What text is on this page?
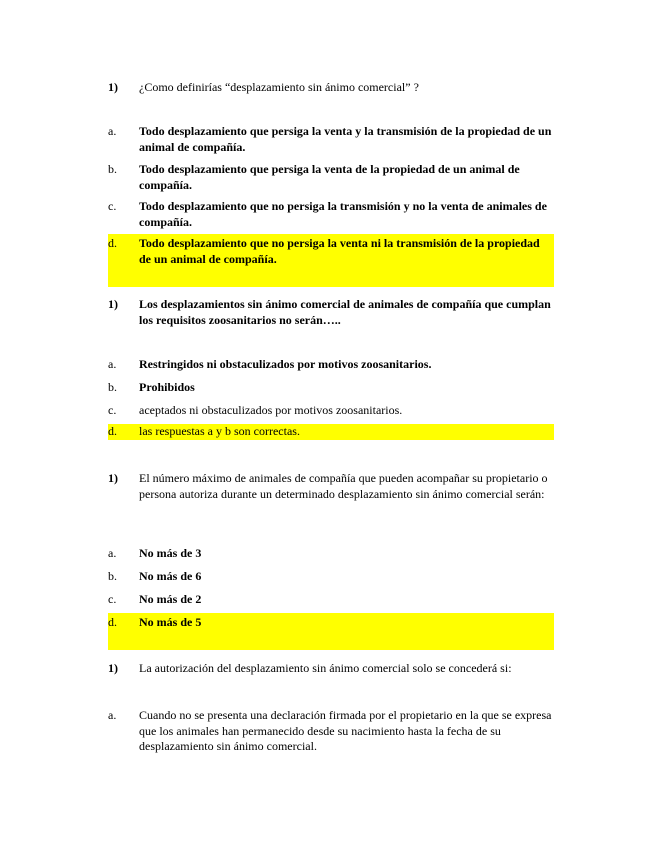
1)	¿Como definirías “desplazamiento sin ánimo comercial” ?
a.	Todo desplazamiento que persiga la venta y la transmisión de la propiedad de un animal de compañía.
b.	Todo desplazamiento que persiga la venta de la propiedad de un animal de compañía.
c.	Todo desplazamiento que no persiga la transmisión y no la venta de animales de compañía.
d.	Todo desplazamiento que no persiga la venta ni la transmisión de la propiedad de un animal de compañía.
1)	Los desplazamientos sin ánimo comercial de animales de compañía que cumplan los requisitos zoosanitarios no serán…..
a.	Restringidos ni obstaculizados por motivos zoosanitarios.
b.	Prohibidos
c.	aceptados ni obstaculizados por motivos zoosanitarios.
d.	las respuestas a y b son correctas.
1)	El número máximo de animales de compañía que pueden acompañar su propietario o persona autoriza durante un determinado desplazamiento sin ánimo comercial serán:
a.	No más de 3
b.	No más de 6
c.	No más de 2
d.	No más de 5
1)	La autorización del desplazamiento sin ánimo comercial solo se concederá si:
a.	Cuando no se presenta una declaración firmada por el propietario en la que se expresa que los animales han permanecido desde su nacimiento hasta la fecha de su desplazamiento sin ánimo comercial.
